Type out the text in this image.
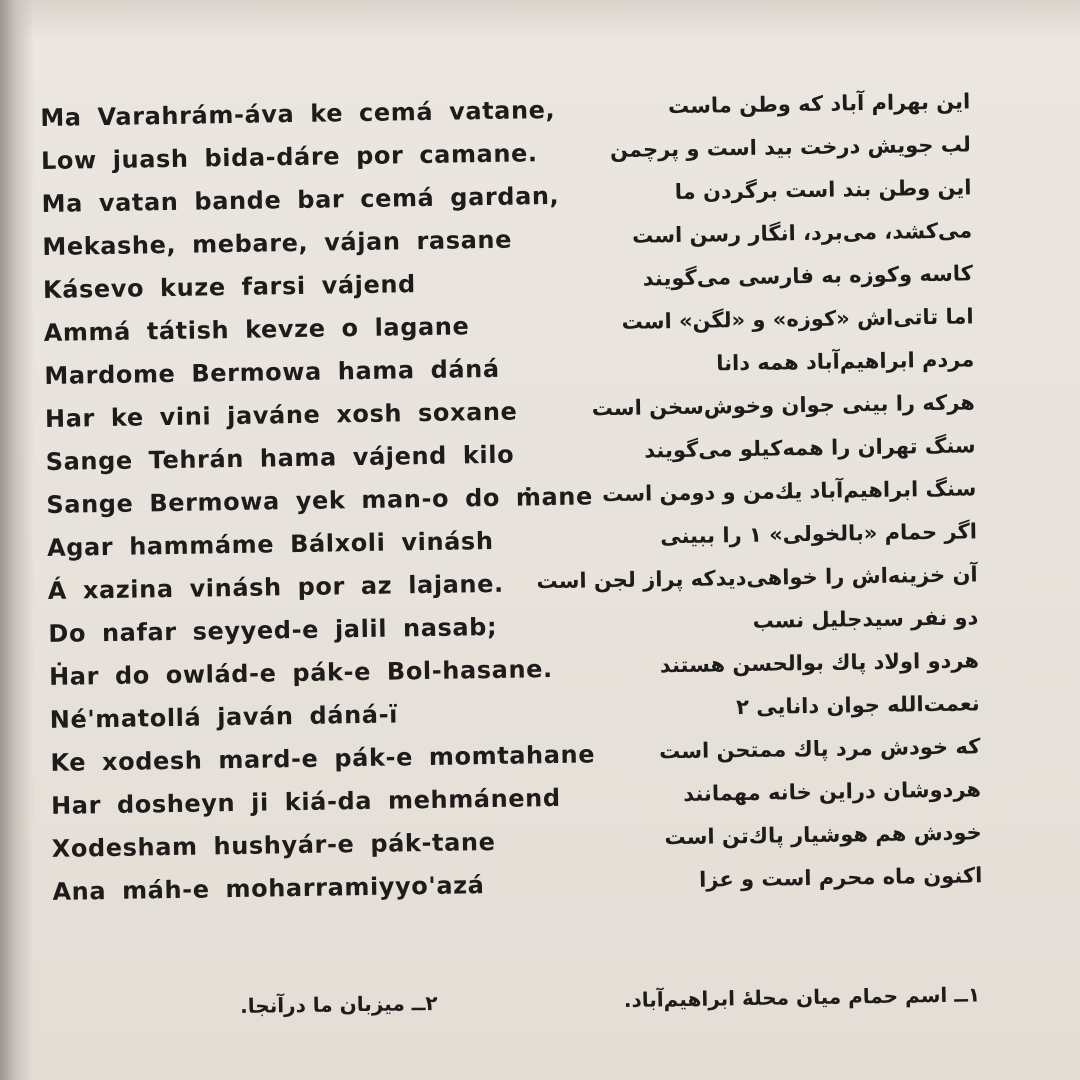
Ma Varahrám-áva ke cemá vatane,	این بهرام آباد که وطن ماست
Low juash bida-dáre por camane.	لب جویش درخت بید است و پرچمن
Ma vatan bande bar cemá gardan,	این وطن بند است برگردن ما
Mekashe, mebare, vájan rasane	می‌کشد، می‌برد، انگار رسن است
Kásevo kuze farsi vájend	کاسه وکوزه به فارسی می‌گویند
Ammá tátish kevze o lagane	اما تاتی‌اش «کوزه» و «لگن» است
Mardome Bermowa hama dáná	مردم ابراهیم‌آباد همه دانا
Har ke vini javáne xosh soxane	هرکه را بینی جوان وخوش‌سخن است
Sange Tehrán hama vájend kilo	سنگ تهران را همه‌کیلو می‌گویند
Sange Bermowa yek man-o do ṁane سنگ ابراهیم‌آباد یك‌من و دومن است
Agar hammáme Bálxoli vinásh	اگر حمام «بالخولی» ۱ را ببینی
Á xazina vinásh por az lajane. آن خزینه‌اش را خواهی‌دیدکه پراز لجن است
Do nafar seyyed-e jalil nasab;	دو نفر سیدجلیل نسب
Ḣar do owlád-e pák-e Bol-hasane.	هردو اولاد پاك بوالحسن هستند
Né'matollá javán dáná-ï	نعمت‌الله جوان دانایی ۲
Ke xodesh mard-e pák-e momtahane	که خودش مرد پاك ممتحن است
Har dosheyn ji kiá-da mehmánend	هردوشان دراین خانه مهمانند
Xodesham hushyár-e pák-tane	خودش هم هوشیار پاك‌تن است
Ana máh-e moharramiyyo'azá	اکنون ماه محرم است و عزا
۱ــ اسم حمام میان محلهٔ ابراهیم‌آباد.
۲ــ میزبان ما درآنجا.
